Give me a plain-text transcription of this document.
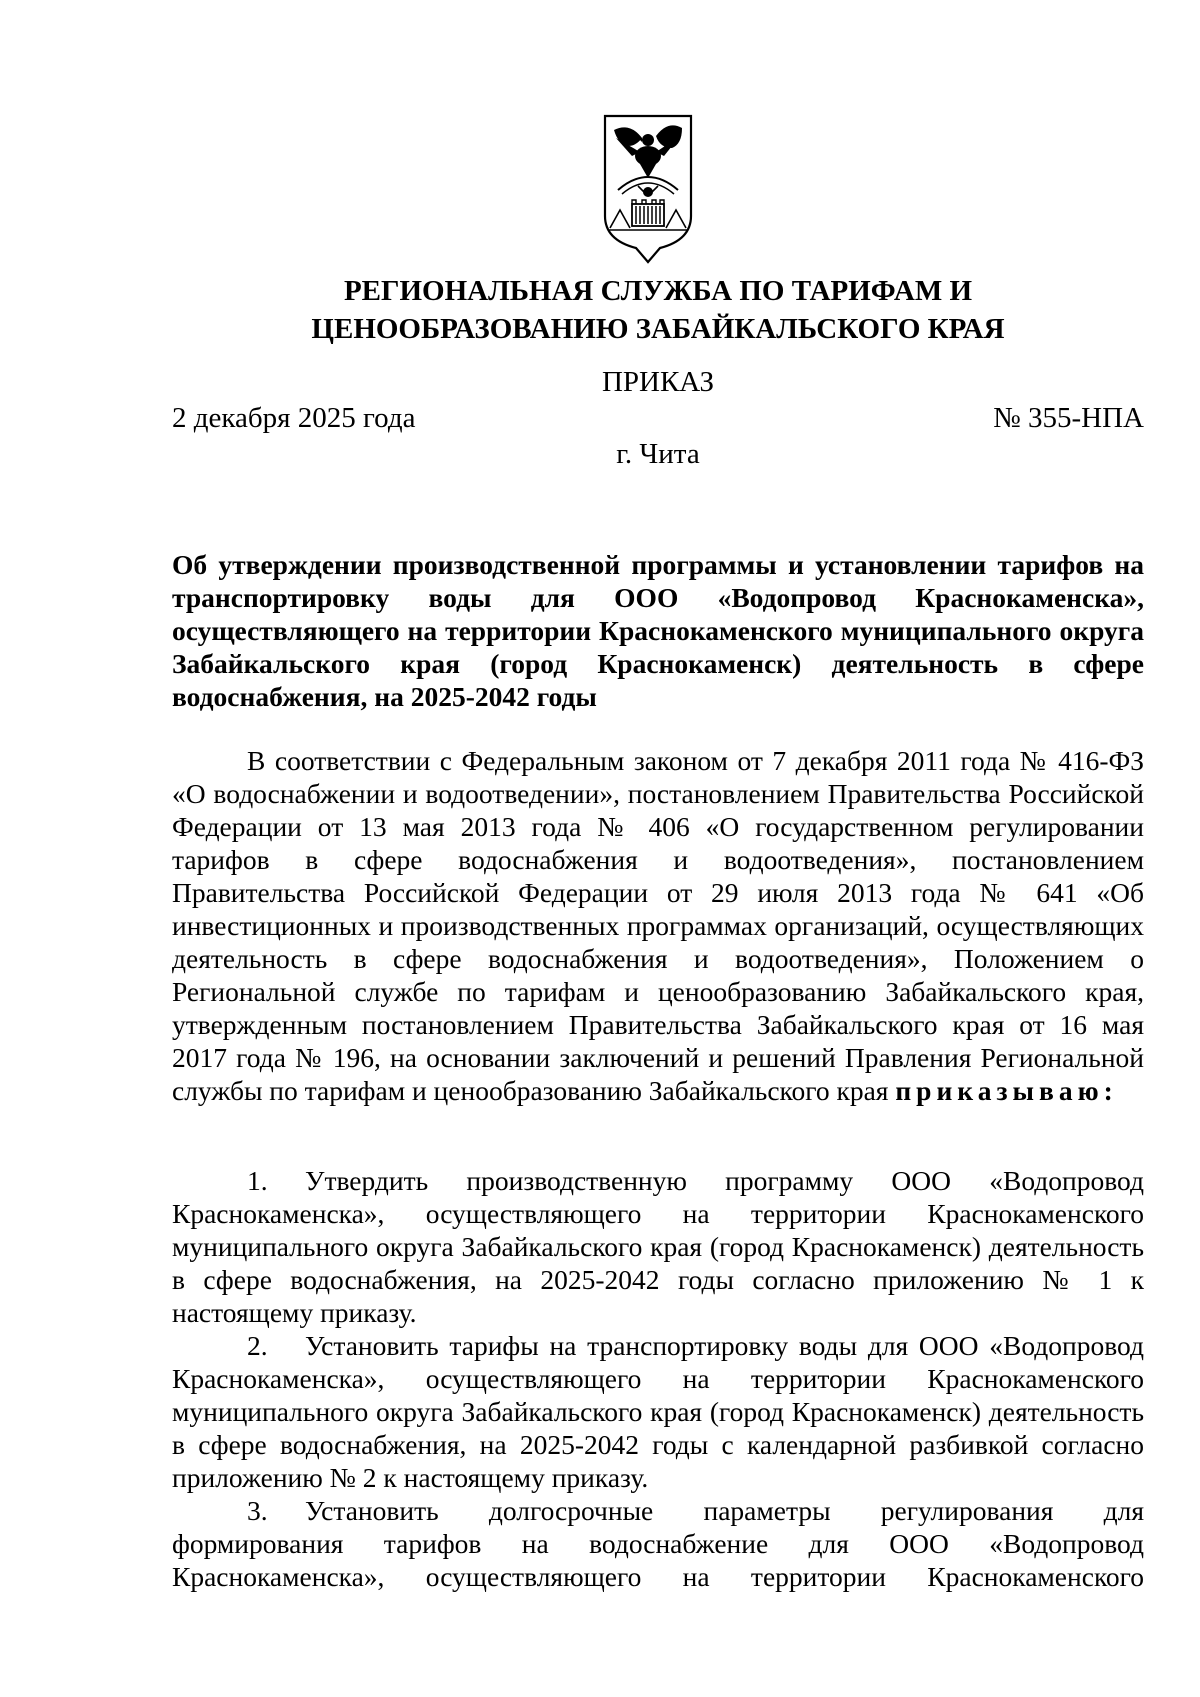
РЕГИОНАЛЬНАЯ СЛУЖБА ПО ТАРИФАМ И
ЦЕНООБРАЗОВАНИЮ ЗАБАЙКАЛЬСКОГО КРАЯ
ПРИКАЗ
2 декабря 2025 года	№ 355-НПА
г. Чита
Об утверждении производственной программы и установлении тарифов на транспортировку воды для ООО «Водопровод Краснокаменска», осуществляющего на территории Краснокаменского муниципального округа Забайкальского края (город Краснокаменск) деятельность в сфере водоснабжения, на 2025-2042 годы
В соответствии с Федеральным законом от 7 декабря 2011 года № 416-ФЗ «О водоснабжении и водоотведении», постановлением Правительства Российской Федерации от 13 мая 2013 года № 406 «О государственном регулировании тарифов в сфере водоснабжения и водоотведения», постановлением Правительства Российской Федерации от 29 июля 2013 года № 641 «Об инвестиционных и производственных программах организаций, осуществляющих деятельность в сфере водоснабжения и водоотведения», Положением о Региональной службе по тарифам и ценообразованию Забайкальского края, утвержденным постановлением Правительства Забайкальского края от 16 мая 2017 года № 196, на основании заключений и решений Правления Региональной службы по тарифам и ценообразованию Забайкальского края приказываю:

1. Утвердить производственную программу ООО «Водопровод Краснокаменска», осуществляющего на территории Краснокаменского муниципального округа Забайкальского края (город Краснокаменск) деятельность в сфере водоснабжения, на 2025-2042 годы согласно приложению № 1 к настоящему приказу.

2. Установить тарифы на транспортировку воды для ООО «Водопровод Краснокаменска», осуществляющего на территории Краснокаменского муниципального округа Забайкальского края (город Краснокаменск) деятельность в сфере водоснабжения, на 2025-2042 годы с календарной разбивкой согласно приложению № 2 к настоящему приказу.

3. Установить долгосрочные параметры регулирования для формирования тарифов на водоснабжение для ООО «Водопровод Краснокаменска», осуществляющего на территории Краснокаменского
